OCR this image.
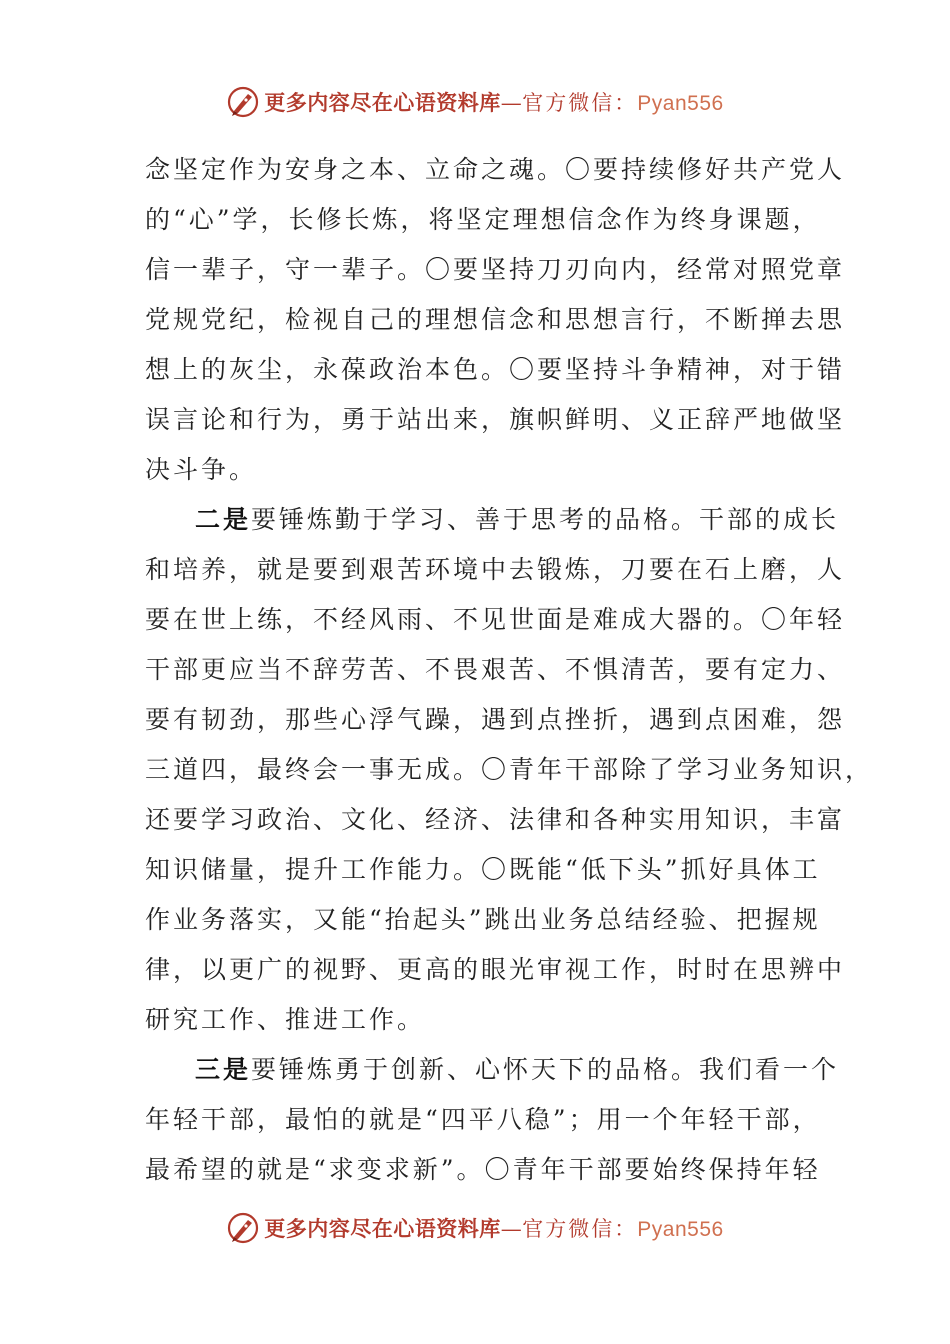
更多内容尽在心语资料库—官方微信：Pyan556
念坚定作为安身之本、立命之魂。〇要持续修好共产党人
的“心”学，长修长炼，将坚定理想信念作为终身课题，
信一辈子，守一辈子。〇要坚持刀刃向内，经常对照党章
党规党纪，检视自己的理想信念和思想言行，不断掸去思
想上的灰尘，永葆政治本色。〇要坚持斗争精神，对于错
误言论和行为，勇于站出来，旗帜鲜明、义正辞严地做坚
决斗争。
二是要锤炼勤于学习、善于思考的品格。干部的成长
和培养，就是要到艰苦环境中去锻炼，刀要在石上磨，人
要在世上练，不经风雨、不见世面是难成大器的。〇年轻
干部更应当不辞劳苦、不畏艰苦、不惧清苦，要有定力、
要有韧劲，那些心浮气躁，遇到点挫折，遇到点困难，怨
三道四，最终会一事无成。〇青年干部除了学习业务知识，
还要学习政治、文化、经济、法律和各种实用知识，丰富
知识储量，提升工作能力。〇既能“低下头”抓好具体工
作业务落实，又能“抬起头”跳出业务总结经验、把握规
律，以更广的视野、更高的眼光审视工作，时时在思辨中
研究工作、推进工作。
三是要锤炼勇于创新、心怀天下的品格。我们看一个
年轻干部，最怕的就是“四平八稳”；用一个年轻干部，
最希望的就是“求变求新”。〇青年干部要始终保持年轻
更多内容尽在心语资料库—官方微信：Pyan556
